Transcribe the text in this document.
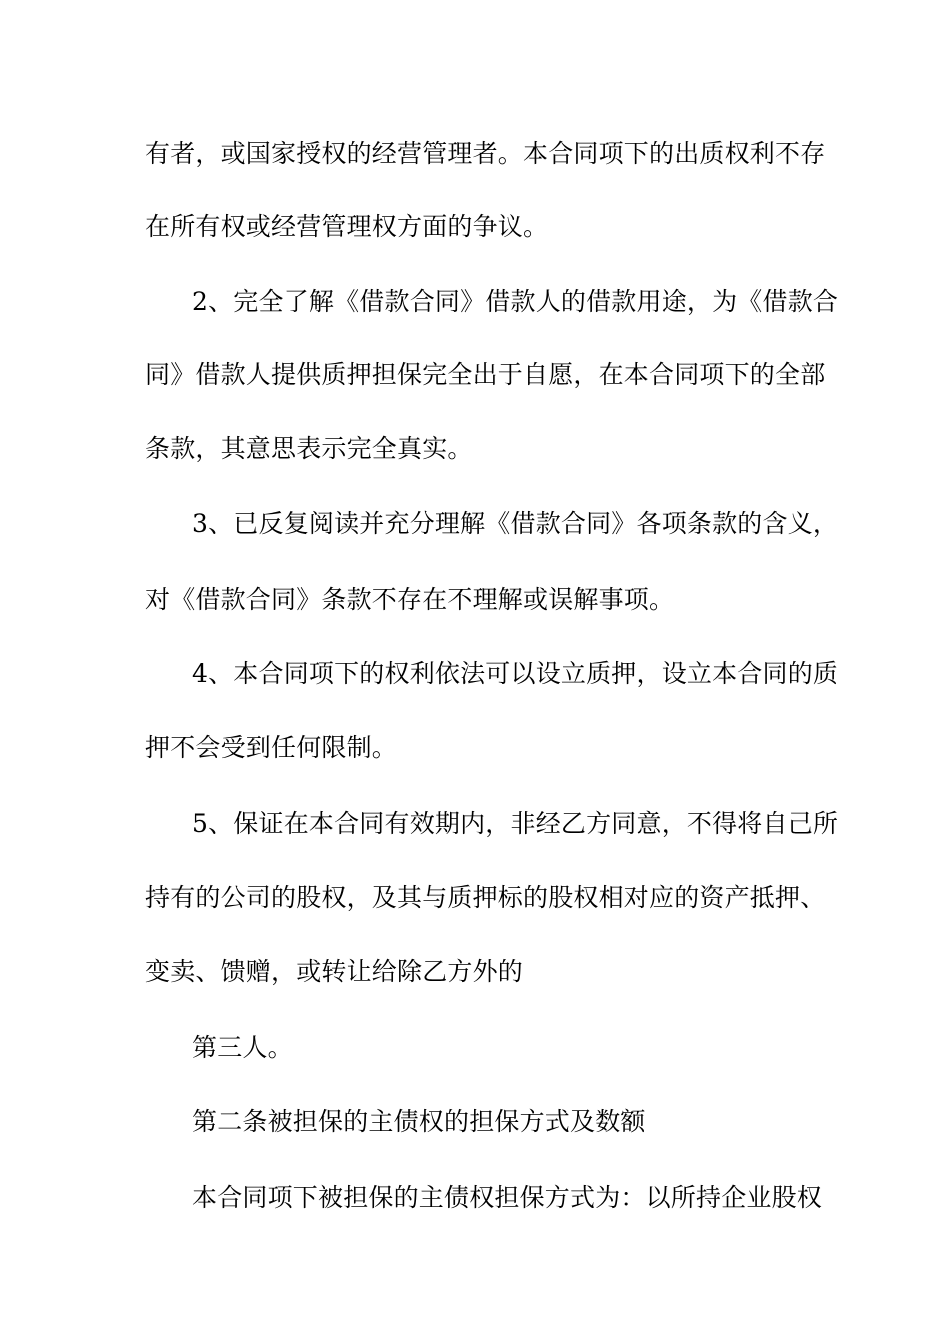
有者，或国家授权的经营管理者。本合同项下的出质权利不存
在所有权或经营管理权方面的争议。
2、完全了解《借款合同》借款人的借款用途，为《借款合
同》借款人提供质押担保完全出于自愿，在本合同项下的全部
条款，其意思表示完全真实。
3、已反复阅读并充分理解《借款合同》各项条款的含义，
对《借款合同》条款不存在不理解或误解事项。
4、本合同项下的权利依法可以设立质押，设立本合同的质
押不会受到任何限制。
5、保证在本合同有效期内，非经乙方同意，不得将自己所
持有的公司的股权，及其与质押标的股权相对应的资产抵押、
变卖、馈赠，或转让给除乙方外的
第三人。
第二条被担保的主债权的担保方式及数额
本合同项下被担保的主债权担保方式为：以所持企业股权
